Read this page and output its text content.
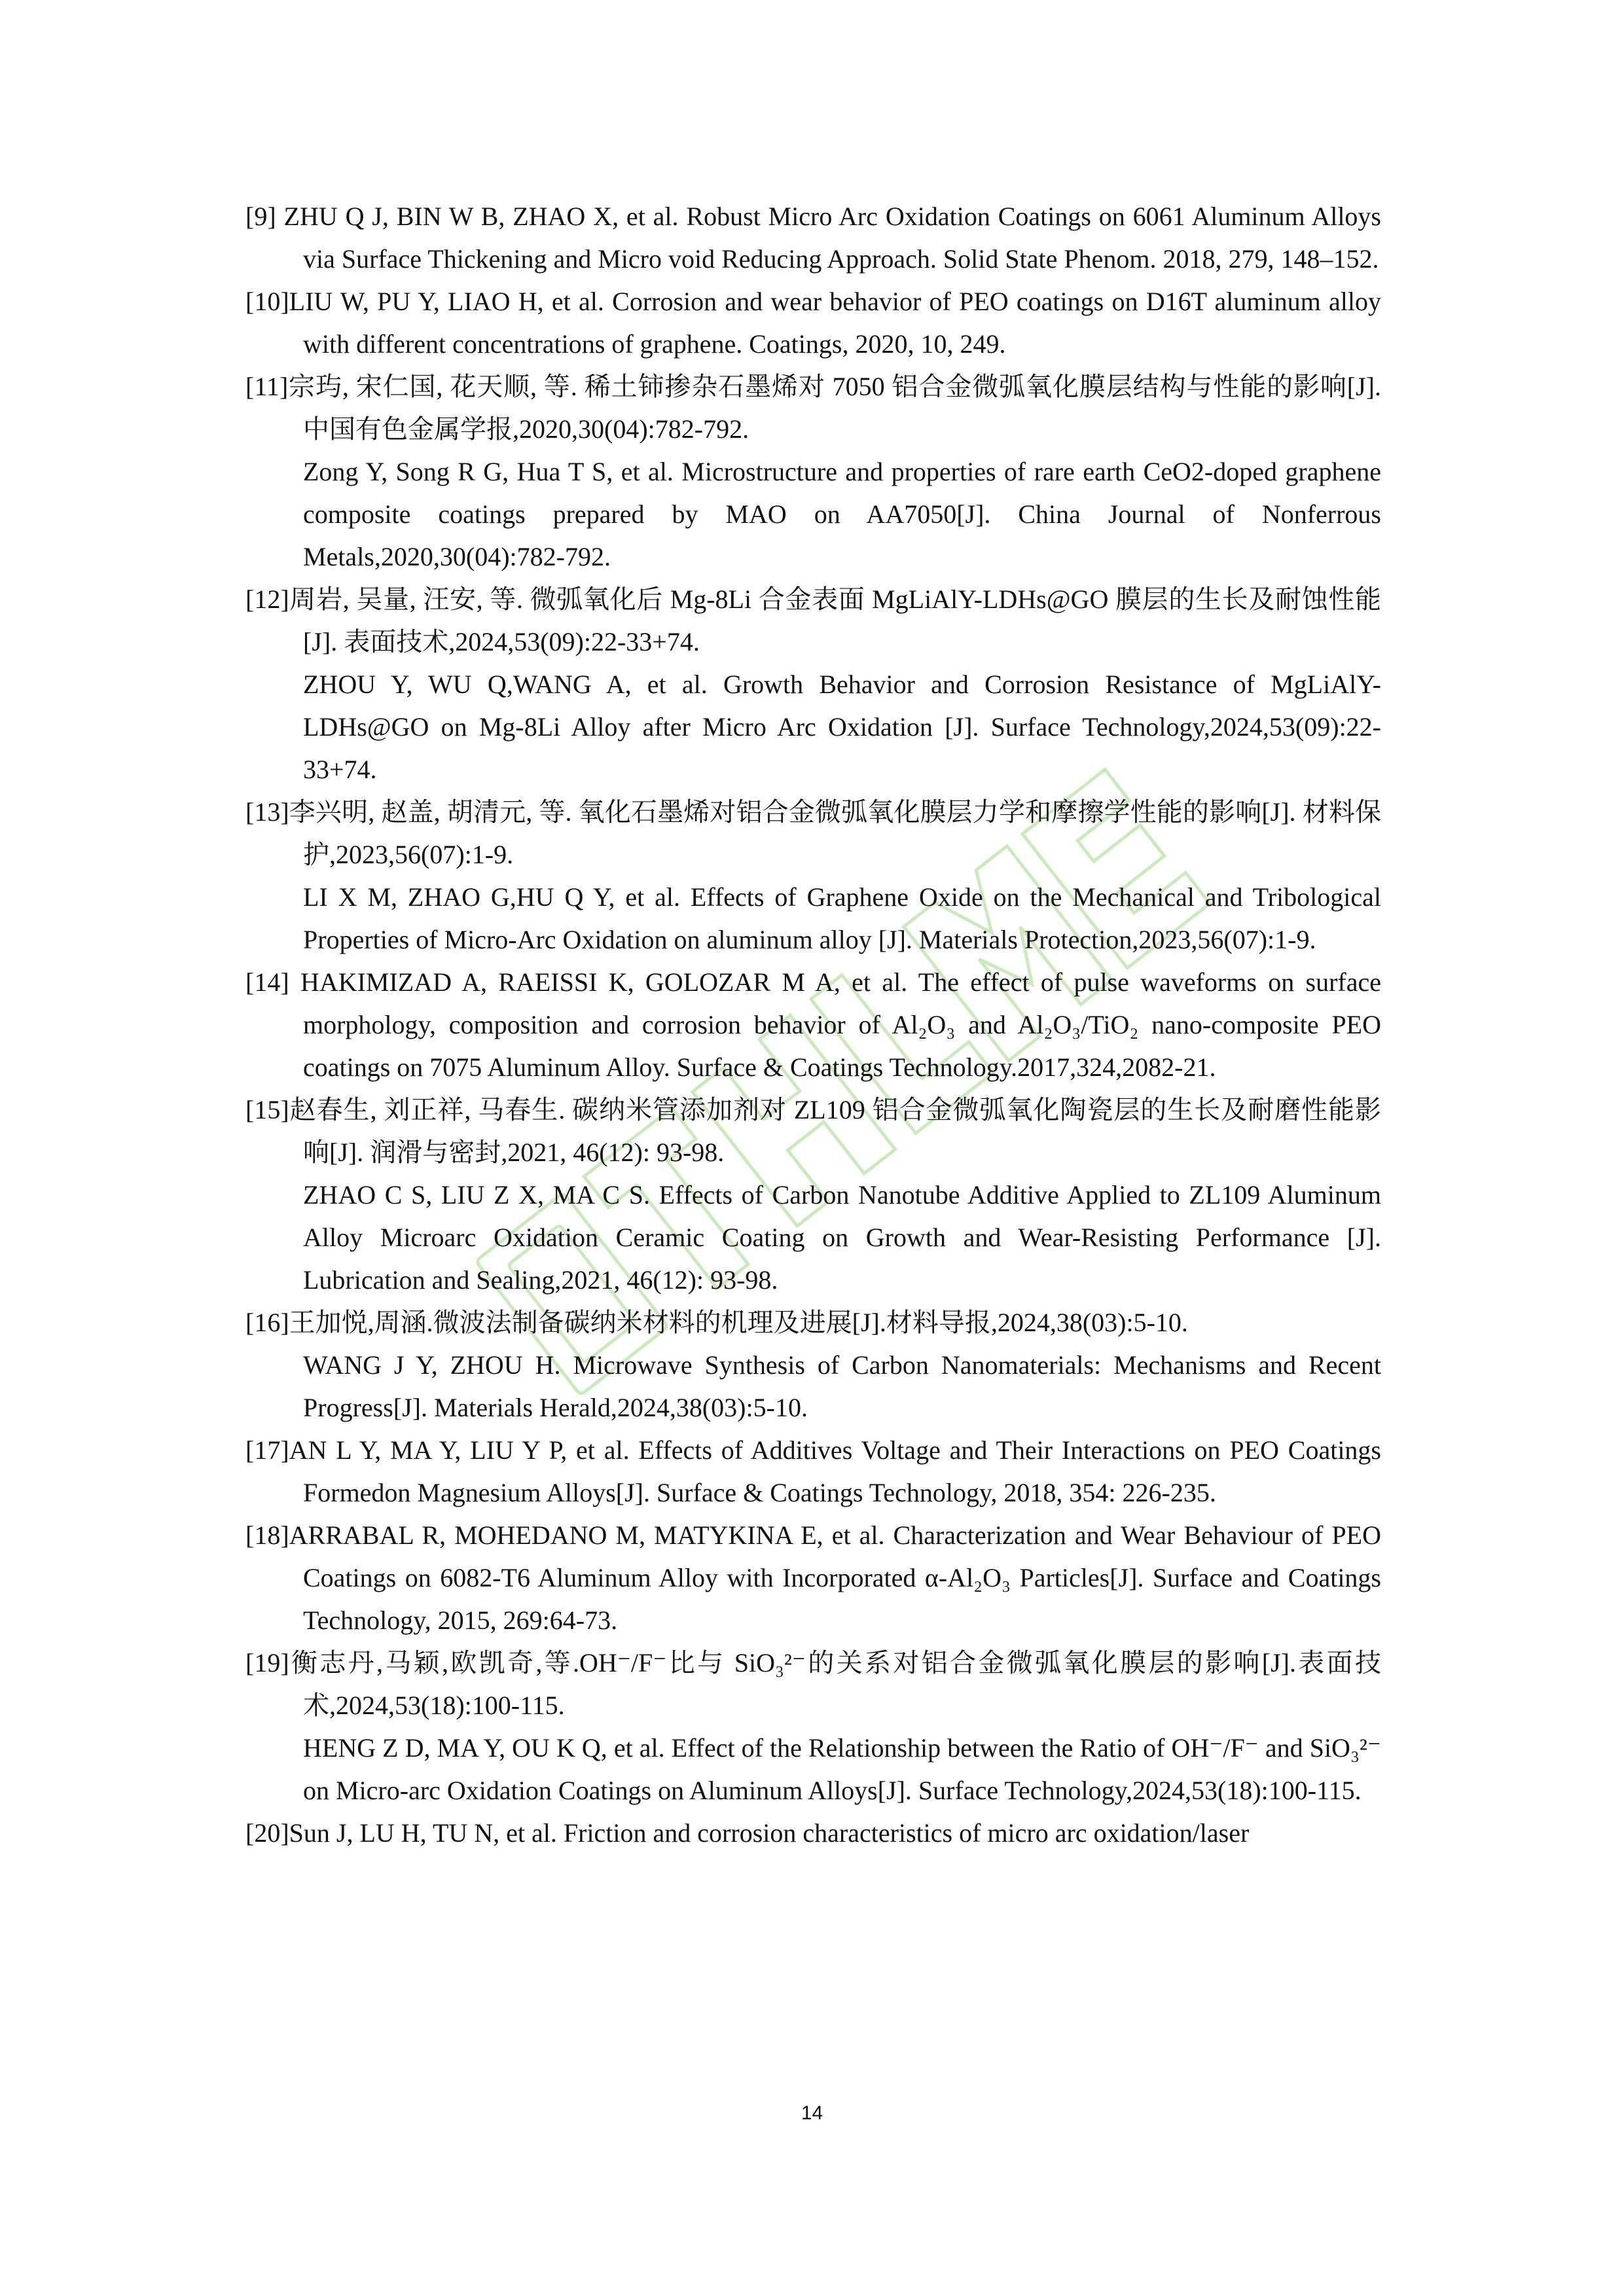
[9] ZHU Q J, BIN W B, ZHAO X, et al. Robust Micro Arc Oxidation Coatings on 6061 Aluminum Alloys via Surface Thickening and Micro void Reducing Approach. Solid State Phenom. 2018, 279, 148–152.
[10]LIU W, PU Y, LIAO H, et al. Corrosion and wear behavior of PEO coatings on D16T aluminum alloy with different concentrations of graphene. Coatings, 2020, 10, 249.
[11]宗玙, 宋仁国, 花天顺, 等. 稀土铈掺杂石墨烯对 7050 铝合金微弧氧化膜层结构与性能的影响[J]. 中国有色金属学报,2020,30(04):782-792.
Zong Y, Song R G, Hua T S, et al. Microstructure and properties of rare earth CeO2-doped graphene composite coatings prepared by MAO on AA7050[J]. China Journal of Nonferrous Metals,2020,30(04):782-792.
[12]周岩, 吴量, 汪安, 等. 微弧氧化后 Mg-8Li 合金表面 MgLiAlY-LDHs@GO 膜层的生长及耐蚀性能[J]. 表面技术,2024,53(09):22-33+74.
ZHOU Y, WU Q,WANG A, et al. Growth Behavior and Corrosion Resistance of MgLiAlY-LDHs@GO on Mg-8Li Alloy after Micro Arc Oxidation [J]. Surface Technology,2024,53(09):22-33+74.
[13]李兴明, 赵盖, 胡清元, 等. 氧化石墨烯对铝合金微弧氧化膜层力学和摩擦学性能的影响[J]. 材料保护,2023,56(07):1-9.
LI X M, ZHAO G,HU Q Y, et al. Effects of Graphene Oxide on the Mechanical and Tribological Properties of Micro-Arc Oxidation on aluminum alloy [J]. Materials Protection,2023,56(07):1-9.
[14] HAKIMIZAD A, RAEISSI K, GOLOZAR M A, et al. The effect of pulse waveforms on surface morphology, composition and corrosion behavior of Al₂O₃ and Al₂O₃/TiO₂ nano-composite PEO coatings on 7075 Aluminum Alloy. Surface & Coatings Technology.2017,324,2082-21.
[15]赵春生, 刘正祥, 马春生. 碳纳米管添加剂对 ZL109 铝合金微弧氧化陶瓷层的生长及耐磨性能影响[J]. 润滑与密封,2021, 46(12): 93-98.
ZHAO C S, LIU Z X, MA C S. Effects of Carbon Nanotube Additive Applied to ZL109 Aluminum Alloy Microarc Oxidation Ceramic Coating on Growth and Wear-Resisting Performance [J]. Lubrication and Sealing,2021, 46(12): 93-98.
[16]王加悦,周涵.微波法制备碳纳米材料的机理及进展[J].材料导报,2024,38(03):5-10.
WANG J Y, ZHOU H. Microwave Synthesis of Carbon Nanomaterials: Mechanisms and Recent Progress[J]. Materials Herald,2024,38(03):5-10.
[17]AN L Y, MA Y, LIU Y P, et al. Effects of Additives Voltage and Their Interactions on PEO Coatings Formedon Magnesium Alloys[J]. Surface & Coatings Technology, 2018, 354: 226-235.
[18]ARRABAL R, MOHEDANO M, MATYKINA E, et al. Characterization and Wear Behaviour of PEO Coatings on 6082-T6 Aluminum Alloy with Incorporated α-Al₂O₃ Particles[J]. Surface and Coatings Technology, 2015, 269:64-73.
[19]衡志丹,马颖,欧凯奇,等.OH⁻/F⁻比与 SiO₃²⁻的关系对铝合金微弧氧化膜层的影响[J].表面技术,2024,53(18):100-115.
HENG Z D, MA Y, OU K Q, et al. Effect of the Relationship between the Ratio of OH⁻/F⁻ and SiO₃²⁻ on Micro-arc Oxidation Coatings on Aluminum Alloys[J]. Surface Technology,2024,53(18):100-115.
[20]Sun J, LU H, TU N, et al. Friction and corrosion characteristics of micro arc oxidation/laser
14
